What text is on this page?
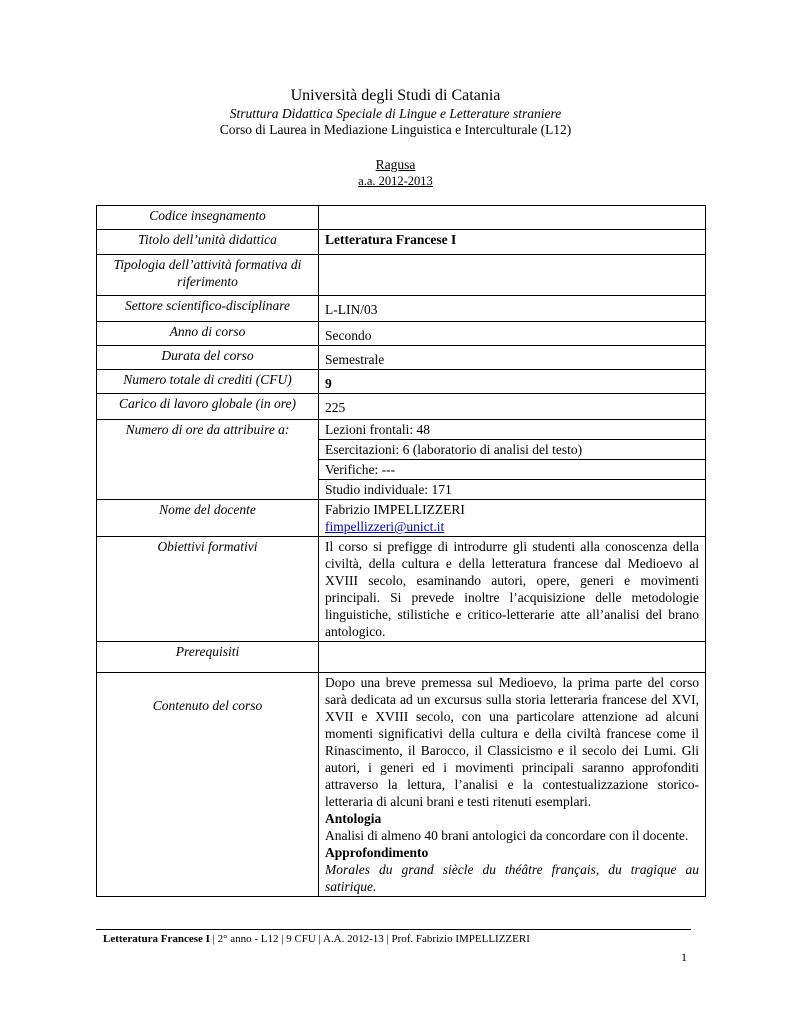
Università degli Studi di Catania
Struttura Didattica Speciale di Lingue e Letterature straniere
Corso di Laurea in Mediazione Linguistica e Interculturale (L12)
Ragusa
a.a. 2012-2013
Codice insegnamento	
Titolo dell’unità didattica	Letteratura Francese I
Tipologia dell’attività formativa di riferimento	
Settore scientifico-disciplinare	L-LIN/03
Anno di corso	Secondo
Durata del corso	Semestrale
Numero totale di crediti (CFU)	9
Carico di lavoro globale (in ore)	225
Numero di ore da attribuire a:	Lezioni frontali: 48
	Esercitazioni: 6 (laboratorio di analisi del testo)
	Verifiche: ---
	Studio individuale: 171
Nome del docente	Fabrizio IMPELLIZZERI
fimpellizzeri@unict.it
Obiettivi formativi	Il corso si prefigge di introdurre gli studenti alla conoscenza della civiltà, della cultura e della letteratura francese dal Medioevo al XVIII secolo, esaminando autori, opere, generi e movimenti principali. Si prevede inoltre l’acquisizione delle metodologie linguistiche, stilistiche e critico-letterarie atte all’analisi del brano antologico.
Prerequisiti	
Contenuto del corso	Dopo una breve premessa sul Medioevo, la prima parte del corso sarà dedicata ad un excursus sulla storia letteraria francese del XVI, XVII e XVIII secolo, con una particolare attenzione ad alcuni momenti significativi della cultura e della civiltà francese come il Rinascimento, il Barocco, il Classicismo e il secolo dei Lumi. Gli autori, i generi ed i movimenti principali saranno approfonditi attraverso la lettura, l’analisi e la contestualizzazione storico-letteraria di alcuni brani e testi ritenuti esemplari.
Antologia
Analisi di almeno 40 brani antologici da concordare con il docente.
Approfondimento
Morales du grand siècle du théâtre français, du tragique au satirique.
Letteratura Francese I | 2° anno - L12 | 9 CFU | A.A. 2012-13 | Prof. Fabrizio IMPELLIZZERI
1
